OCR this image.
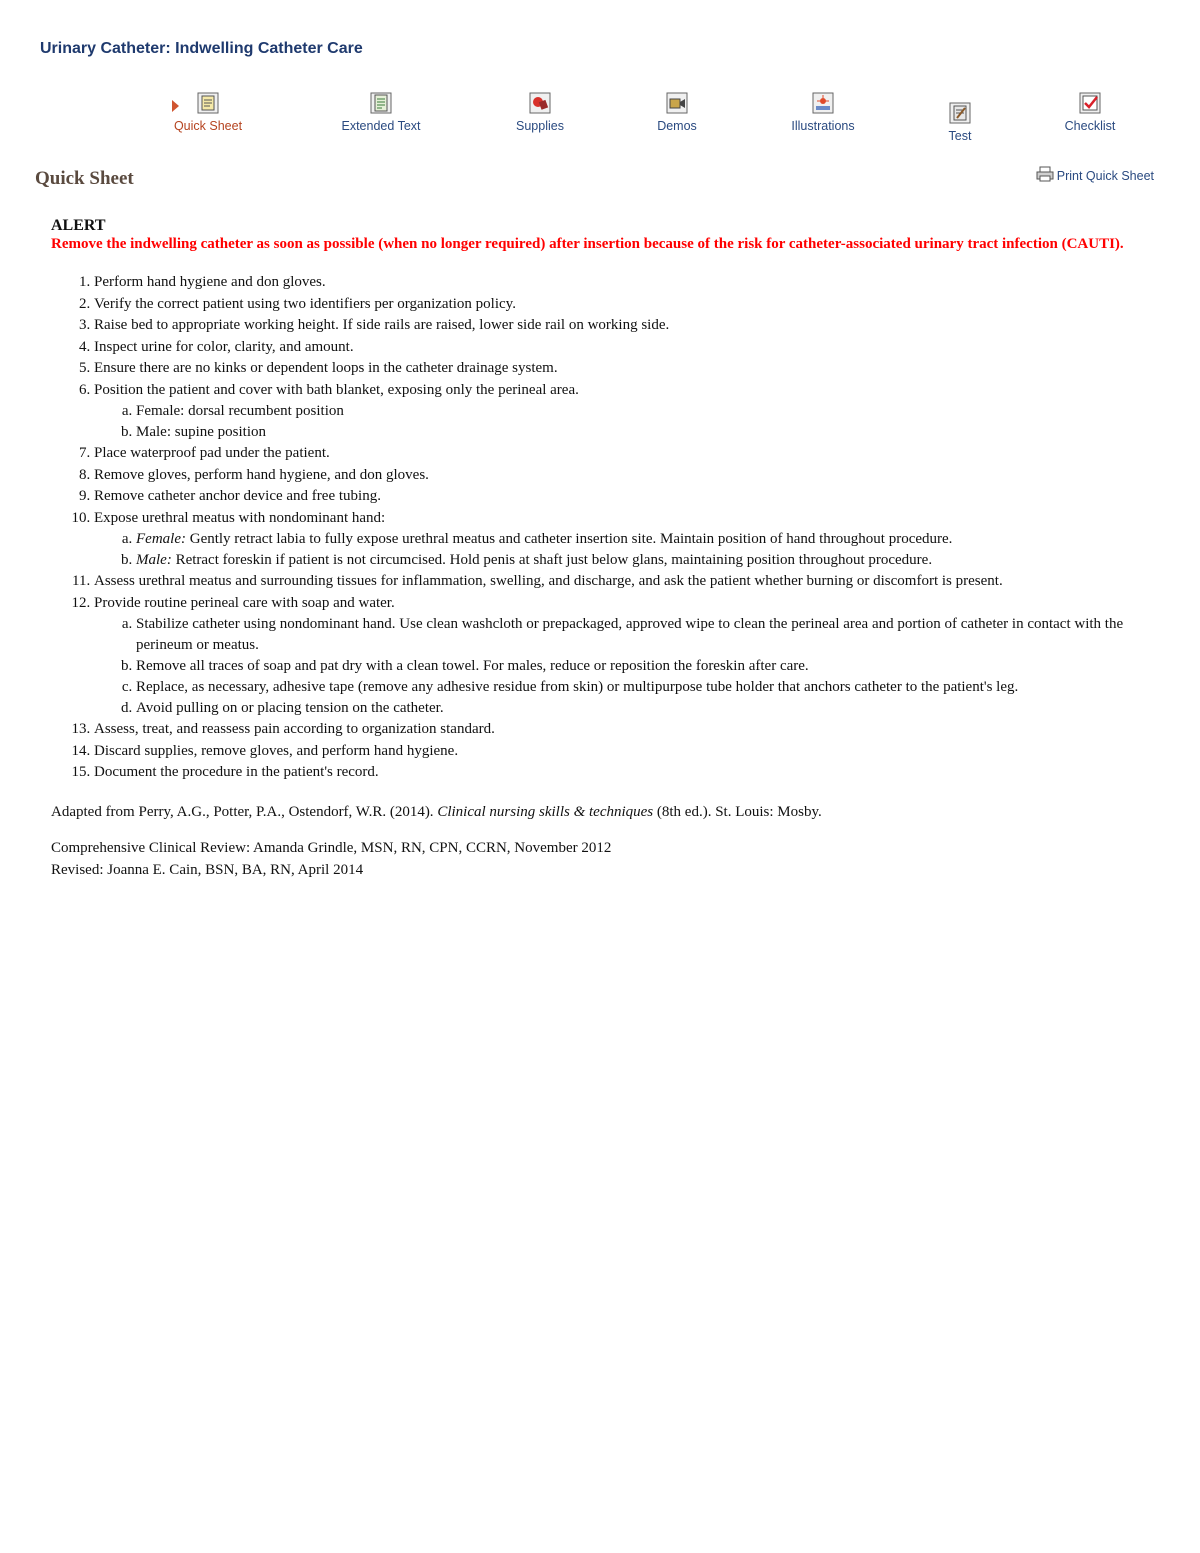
Urinary Catheter: Indwelling Catheter Care
Quick Sheet	Extended Text	Supplies	Demos	Illustrations
Test
Checklist
Quick Sheet	Print Quick Sheet
ALERT
Remove the indwelling catheter as soon as possible (when no longer required) after insertion because of the risk for catheter-associated urinary tract infection (CAUTI).
1. Perform hand hygiene and don gloves.
2. Verify the correct patient using two identifiers per organization policy.
3. Raise bed to appropriate working height. If side rails are raised, lower side rail on working side.
4. Inspect urine for color, clarity, and amount.
5. Ensure there are no kinks or dependent loops in the catheter drainage system.
6. Position the patient and cover with bath blanket, exposing only the perineal area.
a. Female: dorsal recumbent position
b. Male: supine position
7. Place waterproof pad under the patient.
8. Remove gloves, perform hand hygiene, and don gloves.
9. Remove catheter anchor device and free tubing.
10. Expose urethral meatus with nondominant hand:
a. Female: Gently retract labia to fully expose urethral meatus and catheter insertion site. Maintain position of hand throughout procedure.
b. Male: Retract foreskin if patient is not circumcised. Hold penis at shaft just below glans, maintaining position throughout procedure.
11. Assess urethral meatus and surrounding tissues for inflammation, swelling, and discharge, and ask the patient whether burning or discomfort is present.
12. Provide routine perineal care with soap and water.
a. Stabilize catheter using nondominant hand. Use clean washcloth or prepackaged, approved wipe to clean the perineal area and portion of catheter in contact with the perineum or meatus.
b. Remove all traces of soap and pat dry with a clean towel. For males, reduce or reposition the foreskin after care.
c. Replace, as necessary, adhesive tape (remove any adhesive residue from skin) or multipurpose tube holder that anchors catheter to the patient's leg.
d. Avoid pulling on or placing tension on the catheter.
13. Assess, treat, and reassess pain according to organization standard.
14. Discard supplies, remove gloves, and perform hand hygiene.
15. Document the procedure in the patient's record.
Adapted from Perry, A.G., Potter, P.A., Ostendorf, W.R. (2014). Clinical nursing skills & techniques (8th ed.). St. Louis: Mosby.
Comprehensive Clinical Review: Amanda Grindle, MSN, RN, CPN, CCRN, November 2012
Revised: Joanna E. Cain, BSN, BA, RN, April 2014
